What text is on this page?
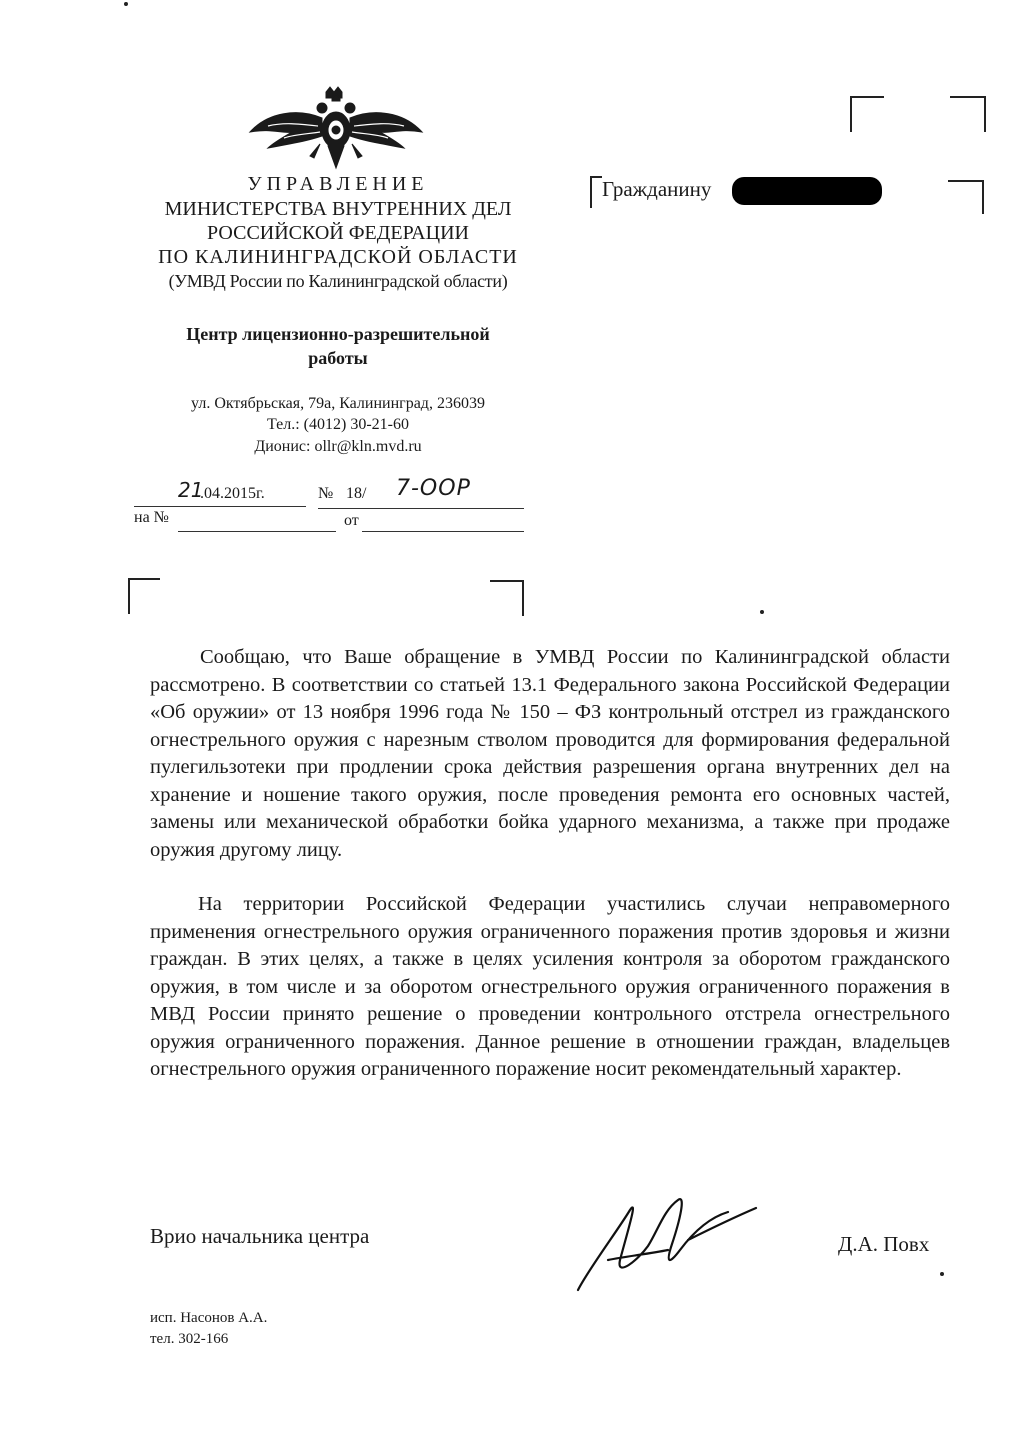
УПРАВЛЕНИЕ
МИНИСТЕРСТВА ВНУТРЕННИХ ДЕЛ
РОССИЙСКОЙ ФЕДЕРАЦИИ
ПО КАЛИНИНГРАДСКОЙ ОБЛАСТИ
(УМВД России по Калининградской области)
Центр лицензионно-разрешительной
работы
ул. Октябрьская, 79а, Калининград, 236039
Тел.: (4012) 30-21-60
Дионис: ollr@kln.mvd.ru
21
.04.2015г.	№ 18/ 7-ООР
на №	от
Гражданину
Сообщаю, что Ваше обращение в УМВД России по Калининградской области рассмотрено. В соответствии со статьей 13.1 Федерального закона Российской Федерации «Об оружии» от 13 ноября 1996 года № 150 – ФЗ контрольный отстрел из гражданского огнестрельного оружия с нарезным стволом проводится для формирования федеральной пулегильзотеки при продлении срока действия разрешения органа внутренних дел на хранение и ношение такого оружия, после проведения ремонта его основных частей, замены или механической обработки бойка ударного механизма, а также при продаже оружия другому лицу.
На территории Российской Федерации участились случаи неправомерного применения огнестрельного оружия ограниченного поражения против здоровья и жизни граждан. В этих целях, а также в целях усиления контроля за оборотом гражданского оружия, в том числе и за оборотом огнестрельного оружия ограниченного поражения в МВД России принято решение о проведении контрольного отстрела огнестрельного оружия ограниченного поражения. Данное решение в отношении граждан, владельцев огнестрельного оружия ограниченного поражение носит рекомендательный характер.
Врио начальника центра	Д.А. Повх
исп. Насонов А.А.
тел. 302-166
